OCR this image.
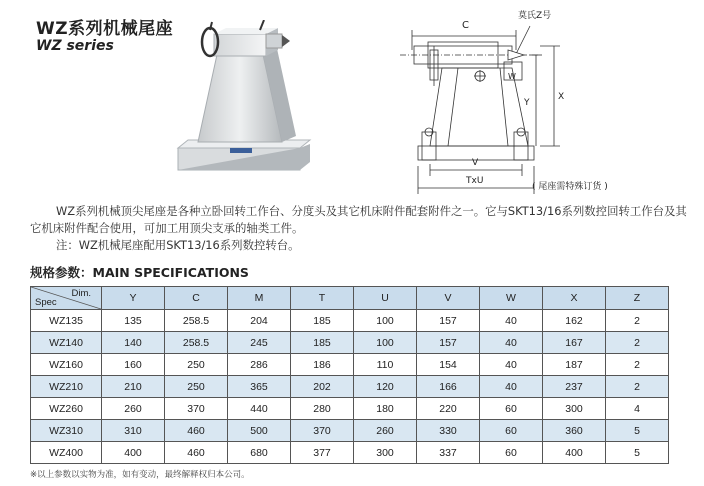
WZ系列机械尾座
WZ series
C
莫氏Z号
W
Y
X
V
TxU
( 尾座需特殊订货 )

WZ系列机械顶尖尾座是各种立卧回转工作台、分度头及其它机床附件配套附件之一。它与SKT13/16系列数控回转工作台及其它机床附件配合使用，可加工用顶尖支承的轴类工件。

注：WZ机械尾座配用SKT13/16系列数控转台。

规格参数：MAIN SPECIFICATIONS
Dim.
Spec	Y	C	M	T	U	V	W	X	Z
WZ135	135	258.5	204	185	100	157	40	162	2
WZ140	140	258.5	245	185	100	157	40	167	2
WZ160	160	250	286	186	110	154	40	187	2
WZ210	210	250	365	202	120	166	40	237	2
WZ260	260	370	440	280	180	220	60	300	4
WZ310	310	460	500	370	260	330	60	360	5
WZ400	400	460	680	377	300	337	60	400	5
※以上参数以实物为准，如有变动，最终解释权归本公司。
